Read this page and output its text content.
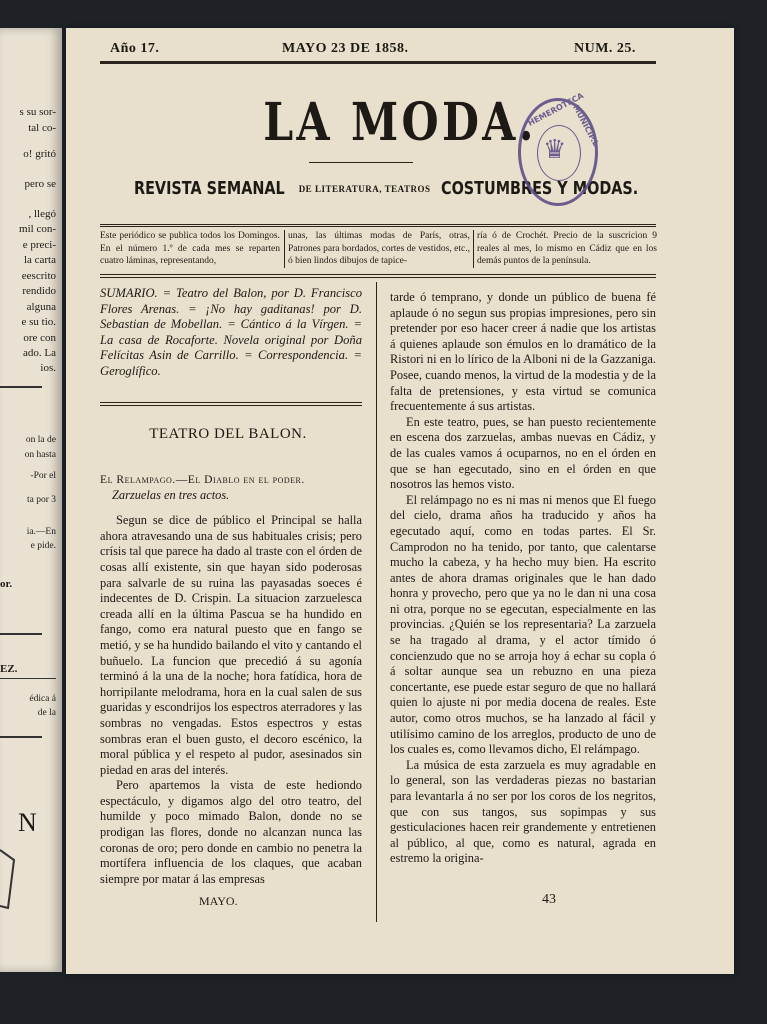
N
s su sor-
tal co-
o! gritó
pero se
, llegó
mil con-
e preci-
la carta
eescrito
rendido
alguna
e su tio.
ore con
ado. La
ios.
on la de
on hasta
-Por el
ta por 3
ia.—En
e pide.
or.
EZ.
édica á
de la
Año 17.	MAYO 23 DE 1858.	NUM. 25.
LA MODA.
REVISTA SEMANAL DE LITERATURA, TEATROS COSTUMBRES Y MODAS.
HEMEROTECA
MUNICIP.L
♛
Este periódico se publica todos los Domingos. En el número 1.º de cada mes se reparten cuatro láminas, representando,
unas, las últimas modas de París, otras, Patrones para bordados, cortes de vestidos, etc., ó bien lindos dibujos de tapice-
ría ó de Crochét. Precio de la suscricion 9 reales al mes, lo mismo en Cádiz que en los demás puntos de la península.
SUMARIO. = Teatro del Balon, por D. Francisco Flores Arenas. = ¡No hay gaditanas! por D. Sebastian de Mobellan. = Cántico á la Vírgen. = La casa de Rocaforte. Novela original por Doña Felícitas Asin de Carrillo. = Correspondencia. = Geroglífico.
TEATRO DEL BALON.

El Relampago.—El Diablo en el poder.

Zarzuelas en tres actos.

Segun se dice de público el Principal se halla ahora atravesando una de sus habituales crisis; pero crísis tal que parece ha dado al traste con el órden de cosas allí existente, sin que hayan sido poderosas para salvarle de su ruina las payasadas soeces é indecentes de D. Crispin. La situacion zarzuelesca creada allí en la última Pascua se ha hundido en fango, como era natural puesto que en fango se metió, y se ha hundido bailando el vito y cantando el buñuelo. La funcion que precedió á su agonía terminó á la una de la noche; hora fatídica, hora de horripilante melodrama, hora en la cual salen de sus guaridas y escondrijos los espectros aterradores y las sombras no vengadas. Estos espectros y estas sombras eran el buen gusto, el decoro escénico, la moral pública y el respeto al pudor, asesinados sin piedad en aras del interés.

Pero apartemos la vista de este hediondo espectáculo, y digamos algo del otro teatro, del humilde y poco mimado Balon, donde no se prodigan las flores, donde no alcanzan nunca las coronas de oro; pero donde en cambio no penetra la mortífera influencia de los claques, que acaban siempre por matar á las empresas

tarde ó temprano, y donde un público de buena fé aplaude ó no segun sus propias impresiones, pero sin pretender por eso hacer creer á nadie que los artistas á quienes aplaude son émulos en lo dramático de la Ristori ni en lo lírico de la Alboni ni de la Gazzaniga. Posee, cuando menos, la virtud de la modestia y de la falta de pretensiones, y esta virtud se comunica frecuentemente á sus artistas.

En este teatro, pues, se han puesto recientemente en escena dos zarzuelas, ambas nuevas en Cádiz, y de las cuales vamos á ocuparnos, no en el órden en que se han egecutado, sino en el órden en que nosotros las hemos visto.

El relámpago no es ni mas ni menos que El fuego del cielo, drama años ha traducido y años ha egecutado aquí, como en todas partes. El Sr. Camprodon no ha tenido, por tanto, que calentarse mucho la cabeza, y ha hecho muy bien. Ha escrito antes de ahora dramas originales que le han dado honra y provecho, pero que ya no le dan ni una cosa ni otra, porque no se egecutan, especialmente en las provincias. ¿Quién se los representaria? La zarzuela se ha tragado al drama, y el actor tímido ó concienzudo que no se arroja hoy á echar su copla ó á soltar aunque sea un rebuzno en una pieza concertante, ese puede estar seguro de que no hallará quien lo ajuste ni por media docena de reales. Este autor, como otros muchos, se ha lanzado al fácil y utilísimo camino de los arreglos, producto de uno de los cuales es, como llevamos dicho, El relámpago.

La música de esta zarzuela es muy agradable en lo general, son las verdaderas piezas no bastarian para levantarla á no ser por los coros de los negritos, que con sus tangos, sus sopimpas y sus gesticulaciones hacen reir grandemente y entretienen al público, al que, como es natural, agrada en estremo la origina-

MAYO.	43
